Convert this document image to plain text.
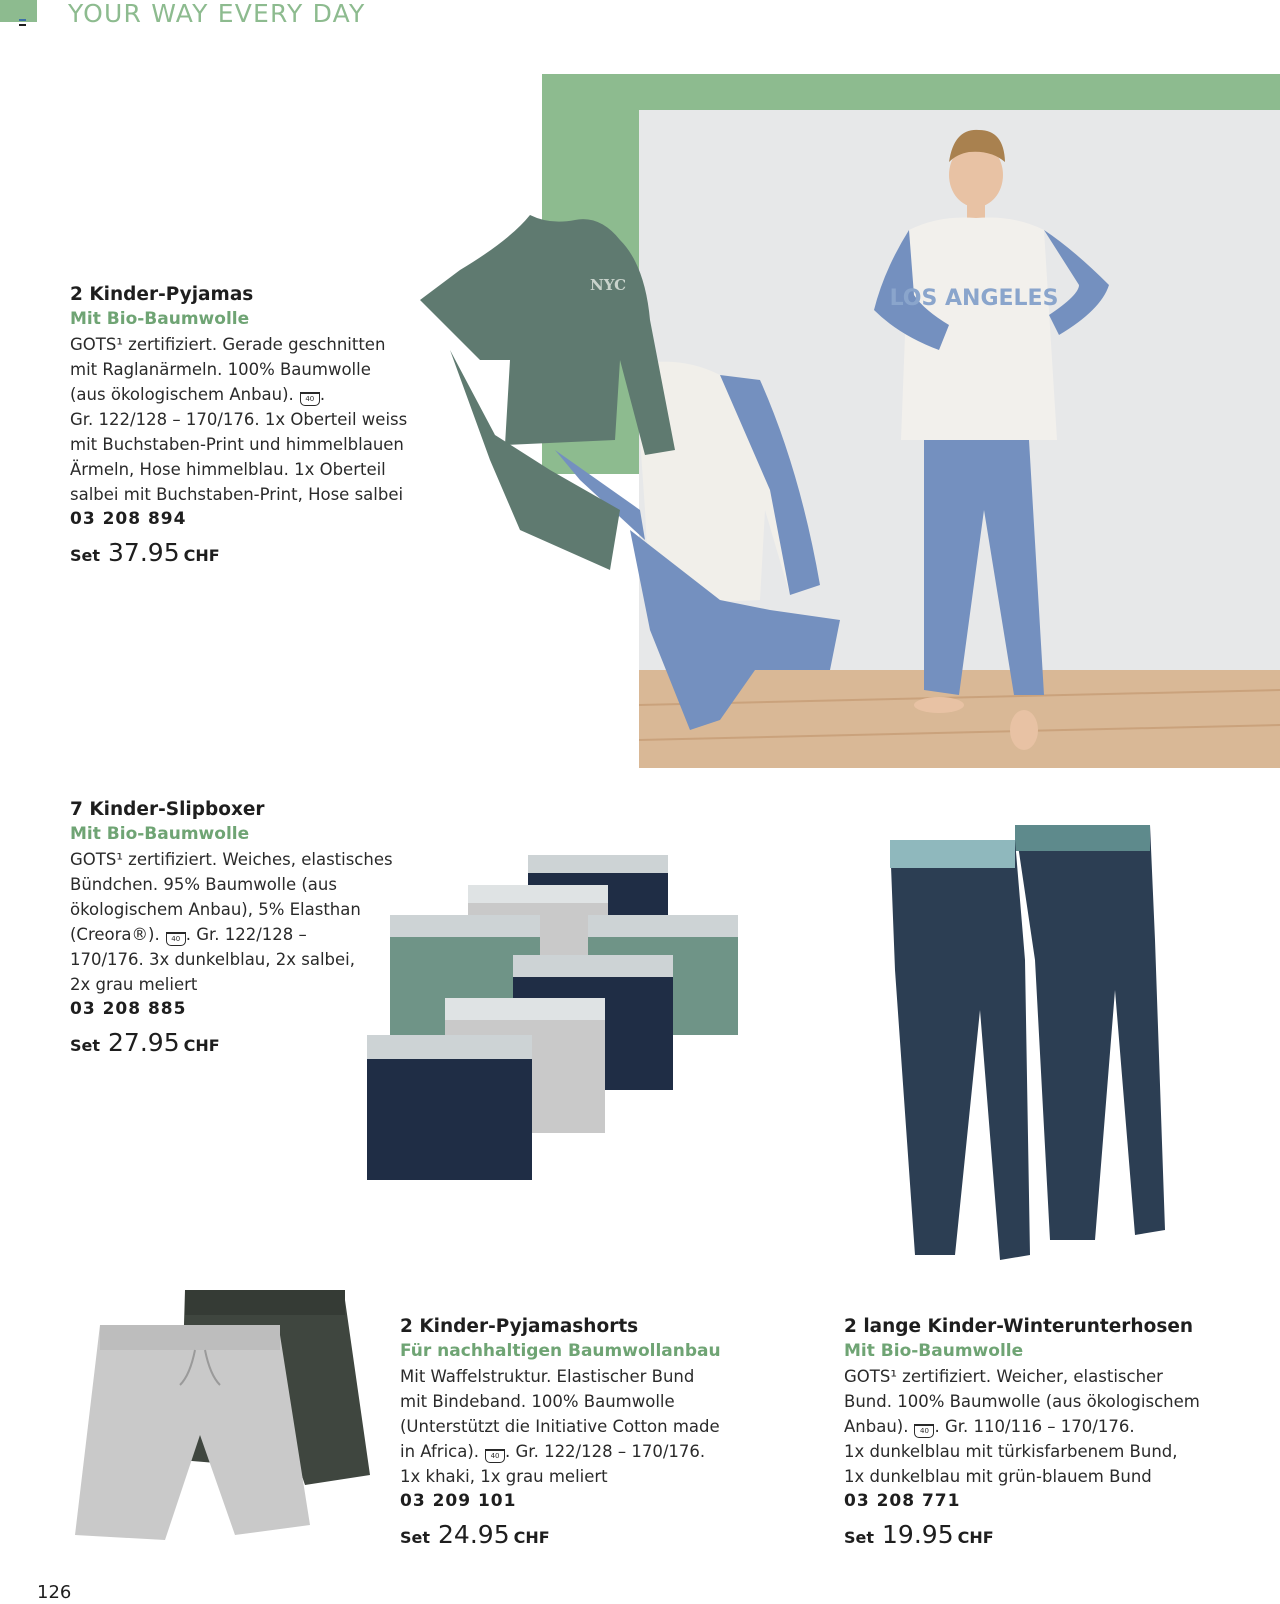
YOUR WAY EVERY DAY
LOS ANGELES
NYC
2 Kinder-Pyjamas
Mit Bio-Baumwolle
GOTS¹ zertifiziert. Gerade geschnitten
mit Raglanärmeln. 100% Baumwolle
(aus ökologischem Anbau). 40 .
Gr. 122/128 – 170/176. 1x Oberteil weiss
mit Buchstaben-Print und himmelblauen
Ärmeln, Hose himmelblau. 1x Oberteil
salbei mit Buchstaben-Print, Hose salbei
03 208 894
Set 37.95 CHF
7 Kinder-Slipboxer
Mit Bio-Baumwolle
GOTS¹ zertifiziert. Weiches, elastisches
Bündchen. 95% Baumwolle (aus
ökologischem Anbau), 5% Elasthan
(Creora®). 40 . Gr. 122/128 –
170/176. 3x dunkelblau, 2x salbei,
2x grau meliert
03 208 885
Set 27.95 CHF
2 Kinder-Pyjamashorts
Für nachhaltigen Baumwollanbau
Mit Waffelstruktur. Elastischer Bund
mit Bindeband. 100% Baumwolle
(Unterstützt die Initiative Cotton made
in Africa). 40 . Gr. 122/128 – 170/176.
1x khaki, 1x grau meliert
03 209 101
Set 24.95 CHF
2 lange Kinder-Winterunterhosen
Mit Bio-Baumwolle
GOTS¹ zertifiziert. Weicher, elastischer
Bund. 100% Baumwolle (aus ökologischem
Anbau). 40 . Gr. 110/116 – 170/176.
1x dunkelblau mit türkisfarbenem Bund,
1x dunkelblau mit grün-blauem Bund
03 208 771
Set 19.95 CHF
126
